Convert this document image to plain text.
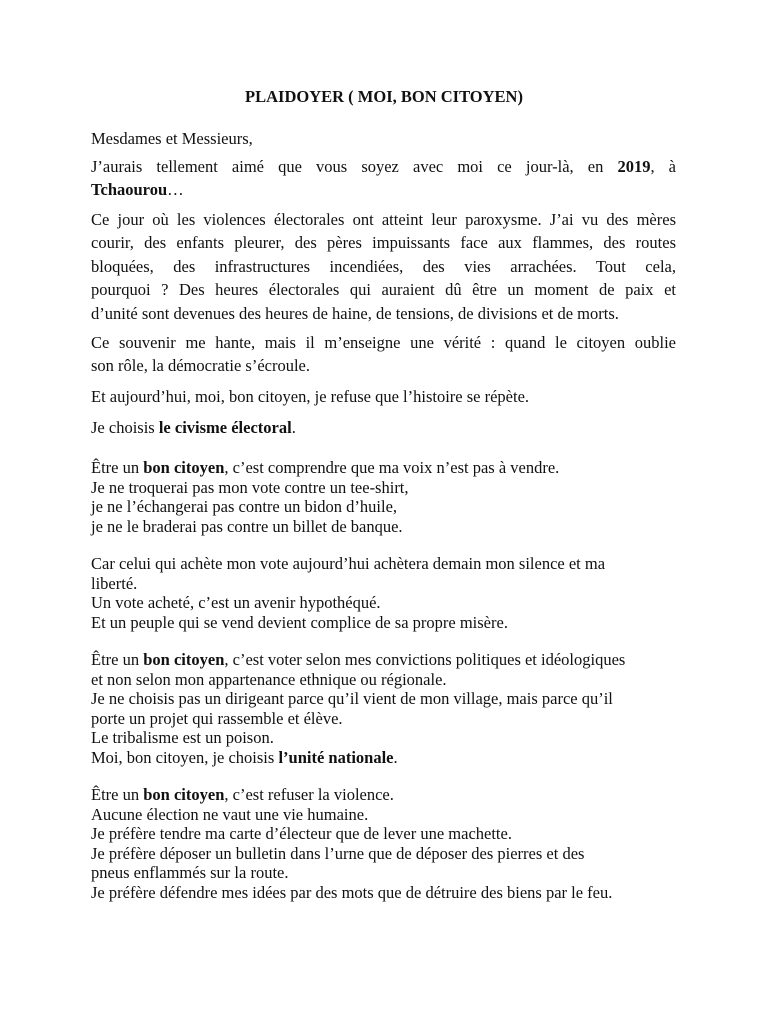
PLAIDOYER ( MOI, BON CITOYEN)
Mesdames et Messieurs,
J’aurais tellement aimé que vous soyez avec moi ce jour-là, en 2019, à
Tchaourou…
Ce jour où les violences électorales ont atteint leur paroxysme. J’ai vu des mères
courir, des enfants pleurer, des pères impuissants face aux flammes, des routes
bloquées, des infrastructures incendiées, des vies arrachées. Tout cela,
pourquoi ? Des heures électorales qui auraient dû être un moment de paix et
d’unité sont devenues des heures de haine, de tensions, de divisions et de morts.
Ce souvenir me hante, mais il m’enseigne une vérité : quand le citoyen oublie
son rôle, la démocratie s’écroule.
Et aujourd’hui, moi, bon citoyen, je refuse que l’histoire se répète.
Je choisis le civisme électoral.
Être un bon citoyen, c’est comprendre que ma voix n’est pas à vendre.
Je ne troquerai pas mon vote contre un tee-shirt,
je ne l’échangerai pas contre un bidon d’huile,
je ne le braderai pas contre un billet de banque.
Car celui qui achète mon vote aujourd’hui achètera demain mon silence et ma
liberté.
Un vote acheté, c’est un avenir hypothéqué.
Et un peuple qui se vend devient complice de sa propre misère.
Être un bon citoyen, c’est voter selon mes convictions politiques et idéologiques
et non selon mon appartenance ethnique ou régionale.
Je ne choisis pas un dirigeant parce qu’il vient de mon village, mais parce qu’il
porte un projet qui rassemble et élève.
Le tribalisme est un poison.
Moi, bon citoyen, je choisis l’unité nationale.
Être un bon citoyen, c’est refuser la violence.
Aucune élection ne vaut une vie humaine.
Je préfère tendre ma carte d’électeur que de lever une machette.
Je préfère déposer un bulletin dans l’urne que de déposer des pierres et des
pneus enflammés sur la route.
Je préfère défendre mes idées par des mots que de détruire des biens par le feu.
